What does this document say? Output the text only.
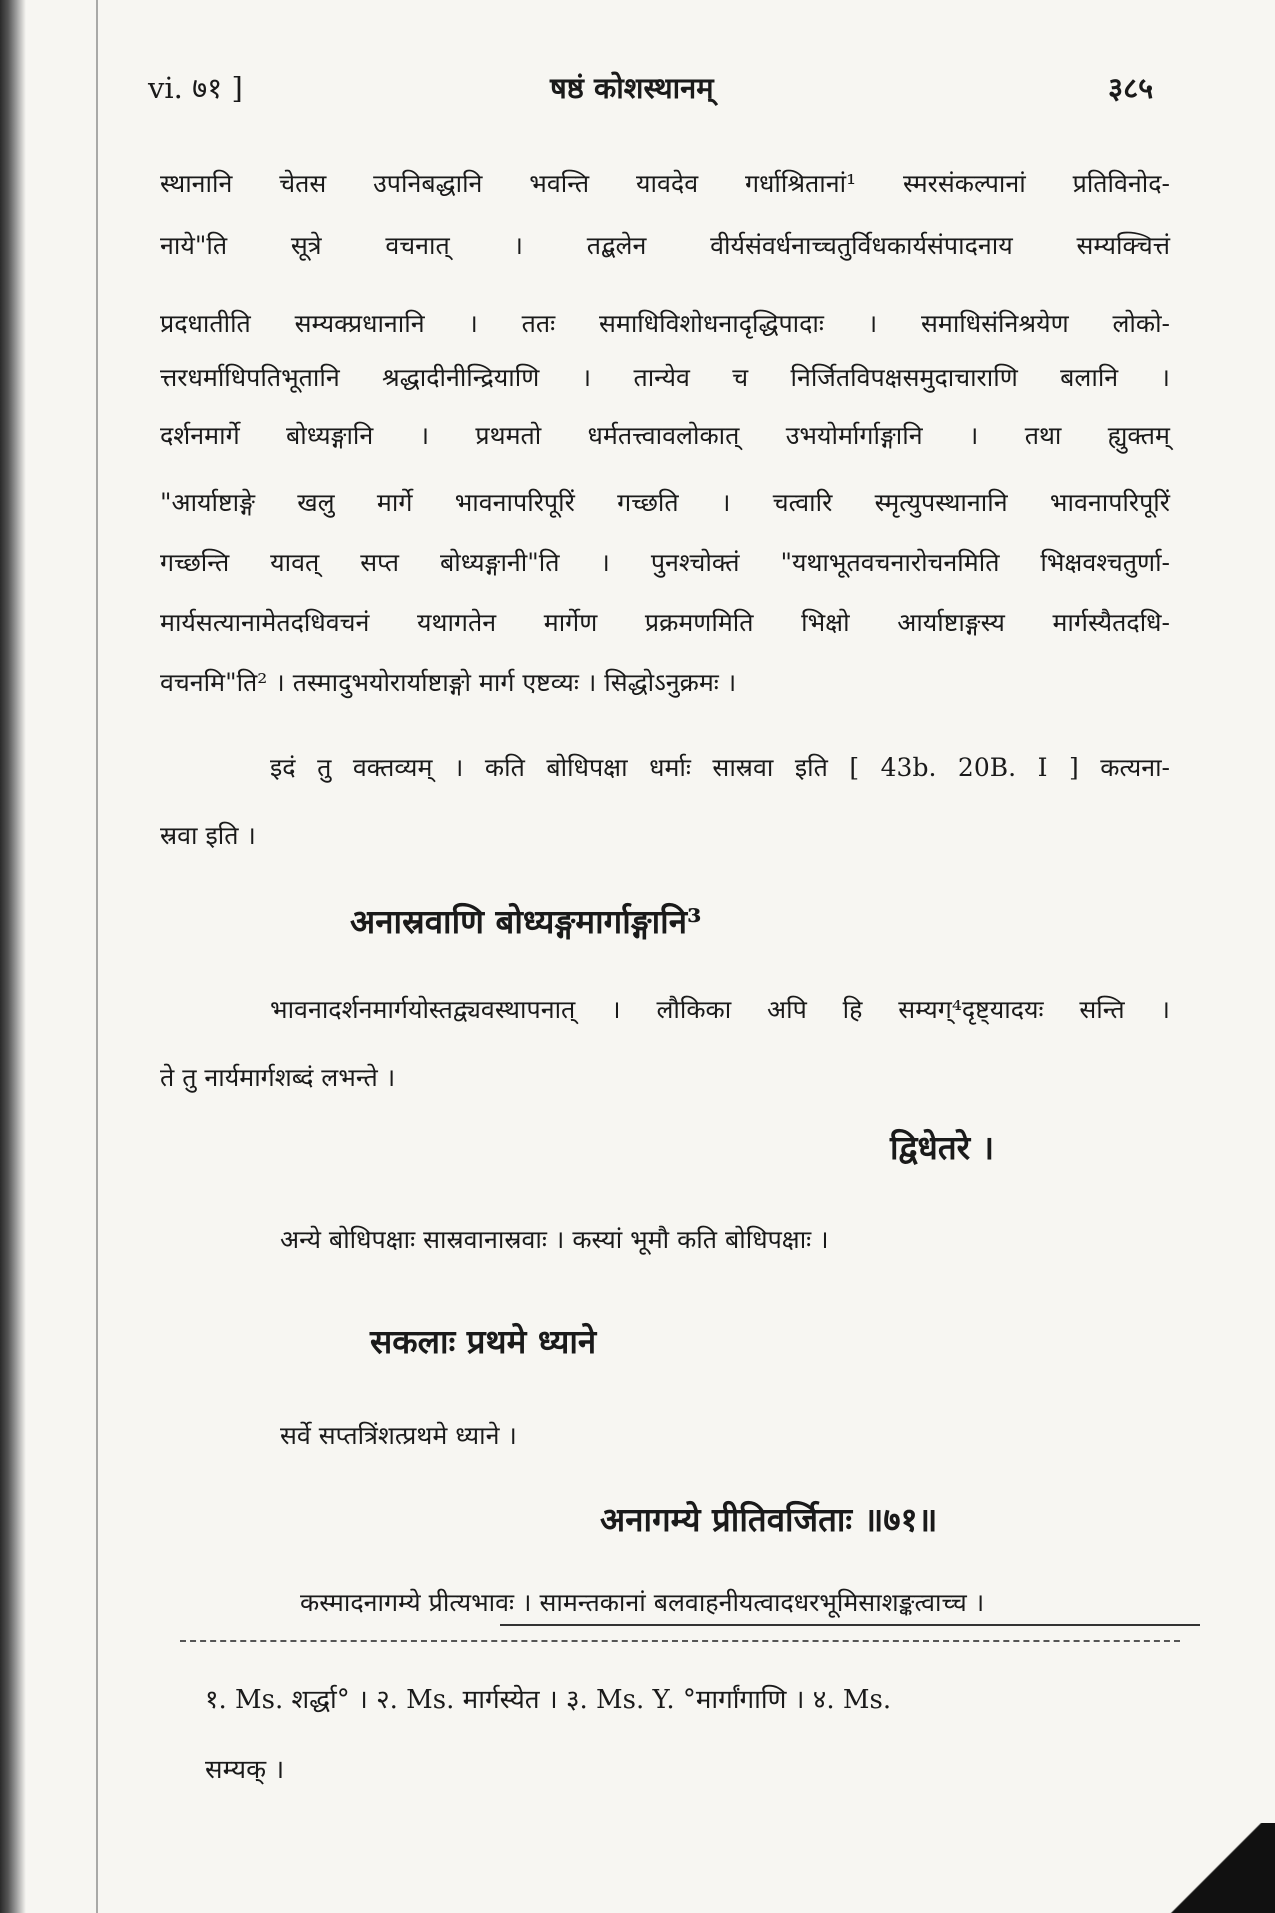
vi. ७१ ]	षष्ठं कोशस्थानम्	३८५
स्थानानि चेतस उपनिबद्धानि भवन्ति यावदेव गर्धाश्रितानां¹ स्मरसंकल्पानां प्रतिविनोद-
नाये"ति सूत्रे वचनात् । तद्बलेन वीर्यसंवर्धनाच्चतुर्विधकार्यसंपादनाय सम्यक्चित्तं
प्रदधातीति सम्यक्प्रधानानि । ततः समाधिविशोधनादृद्धिपादाः । समाधिसंनिश्रयेण लोको-
त्तरधर्माधिपतिभूतानि श्रद्धादीनीन्द्रियाणि । तान्येव च निर्जितविपक्षसमुदाचाराणि बलानि ।
दर्शनमार्गे बोध्यङ्गानि । प्रथमतो धर्मतत्त्वावलोकात् उभयोर्मार्गाङ्गानि । तथा ह्युक्तम्
"आर्याष्टाङ्गे खलु मार्गे भावनापरिपूरिं गच्छति । चत्वारि स्मृत्युपस्थानानि भावनापरिपूरिं
गच्छन्ति यावत् सप्त बोध्यङ्गानी"ति । पुनश्चोक्तं "यथाभूतवचनारोचनमिति भिक्षवश्चतुर्णा-
मार्यसत्यानामेतदधिवचनं यथागतेन मार्गेण प्रक्रमणमिति भिक्षो आर्याष्टाङ्गस्य मार्गस्यैतदधि-
वचनमि"ति² । तस्मादुभयोरार्याष्टाङ्गो मार्ग एष्टव्यः । सिद्धोऽनुक्रमः ।
इदं तु वक्तव्यम् । कति बोधिपक्षा धर्माः सास्रवा इति [ 43b. 20B. I ] कत्यना-
स्रवा इति ।
अनास्रवाणि बोध्यङ्गमार्गाङ्गानि³
भावनादर्शनमार्गयोस्तद्व्यवस्थापनात् । लौकिका अपि हि सम्यग्⁴दृष्ट्यादयः सन्ति ।
ते तु नार्यमार्गशब्दं लभन्ते ।
द्विधेतरे ।
अन्ये बोधिपक्षाः सास्रवानास्रवाः । कस्यां भूमौ कति बोधिपक्षाः ।
सकलाः प्रथमे ध्याने
सर्वे सप्तत्रिंशत्प्रथमे ध्याने ।
अनागम्ये प्रीतिवर्जिताः ॥७१॥
कस्मादनागम्ये प्रीत्यभावः । सामन्तकानां बलवाहनीयत्वादधरभूमिसाशङ्कत्वाच्च ।
१. Ms. शर्द्धा° । २. Ms. मार्गस्येत । ३. Ms. Y. °मार्गांगाणि । ४. Ms.
सम्यक् ।
